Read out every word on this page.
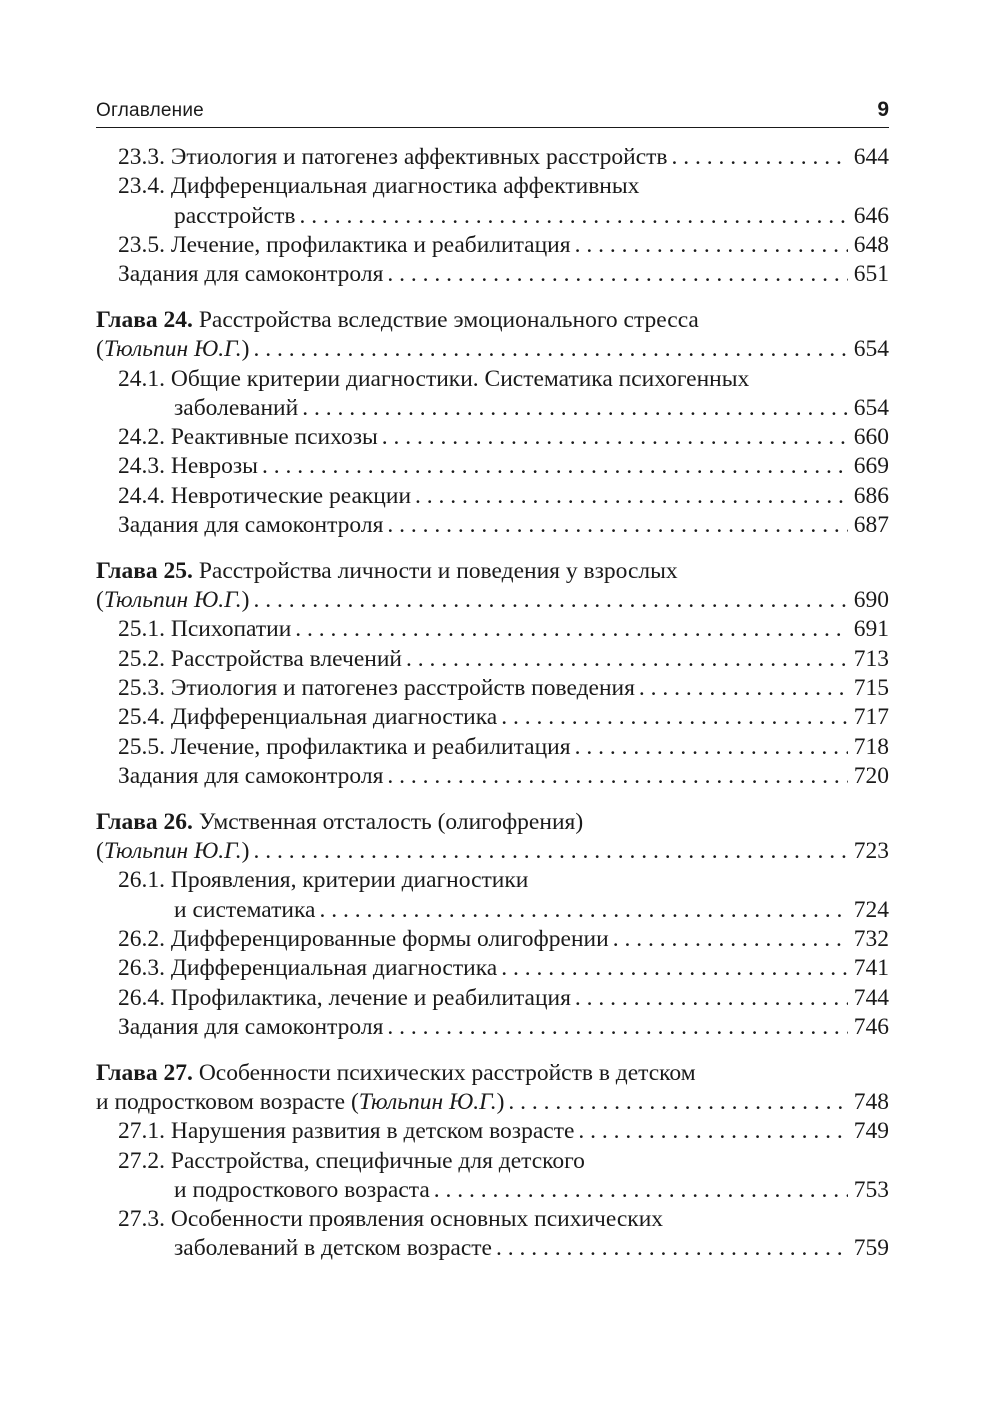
Оглавление	9
23.3. Этиология и патогенез аффективных расстройств . . .	644
23.4. Дифференциальная диагностика аффективных
расстройств . . .	646
23.5. Лечение, профилактика и реабилитация . . .	648
Задания для самоконтроля . . .	651
Глава 24. Расстройства вследствие эмоционального стресса
(Тюльпин Ю.Г.) . . .	654
24.1. Общие критерии диагностики. Систематика психогенных
заболеваний . . .	654
24.2. Реактивные психозы . . .	660
24.3. Неврозы . . .	669
24.4. Невротические реакции . . .	686
Задания для самоконтроля . . .	687
Глава 25. Расстройства личности и поведения у взрослых
(Тюльпин Ю.Г.) . . .	690
25.1. Психопатии . . .	691
25.2. Расстройства влечений . . .	713
25.3. Этиология и патогенез расстройств поведения . . .	715
25.4. Дифференциальная диагностика . . .	717
25.5. Лечение, профилактика и реабилитация . . .	718
Задания для самоконтроля . . .	720
Глава 26. Умственная отсталость (олигофрения)
(Тюльпин Ю.Г.) . . .	723
26.1. Проявления, критерии диагностики
и систематика . . .	724
26.2. Дифференцированные формы олигофрении . . .	732
26.3. Дифференциальная диагностика . . .	741
26.4. Профилактика, лечение и реабилитация . . .	744
Задания для самоконтроля . . .	746
Глава 27. Особенности психических расстройств в детском
и подростковом возрасте (Тюльпин Ю.Г.) . . .	748
27.1. Нарушения развития в детском возрасте . . .	749
27.2. Расстройства, специфичные для детского
и подросткового возраста . . .	753
27.3. Особенности проявления основных психических
заболеваний в детском возрасте . . .	759
